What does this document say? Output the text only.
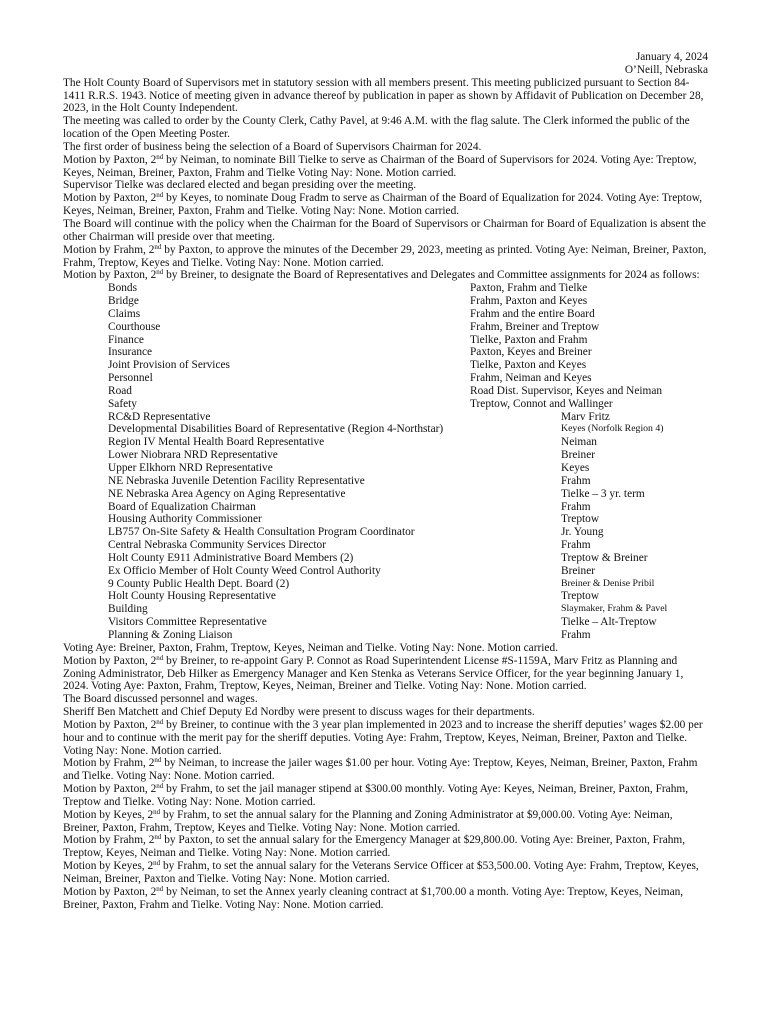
January 4, 2024
O’Neill, Nebraska

The Holt County Board of Supervisors met in statutory session with all members present. This meeting publicized pursuant to Section 84-1411 R.R.S. 1943. Notice of meeting given in advance thereof by publication in paper as shown by Affidavit of Publication on December 28, 2023, in the Holt County Independent.

The meeting was called to order by the County Clerk, Cathy Pavel, at 9:46 A.M. with the flag salute. The Clerk informed the public of the location of the Open Meeting Poster.

The first order of business being the selection of a Board of Supervisors Chairman for 2024.

Motion by Paxton, 2nd by Neiman, to nominate Bill Tielke to serve as Chairman of the Board of Supervisors for 2024. Voting Aye: Treptow, Keyes, Neiman, Breiner, Paxton, Frahm and Tielke Voting Nay: None. Motion carried.

Supervisor Tielke was declared elected and began presiding over the meeting.

Motion by Paxton, 2nd by Keyes, to nominate Doug Fradm to serve as Chairman of the Board of Equalization for 2024. Voting Aye: Treptow, Keyes, Neiman, Breiner, Paxton, Frahm and Tielke. Voting Nay: None. Motion carried.

The Board will continue with the policy when the Chairman for the Board of Supervisors or Chairman for Board of Equalization is absent the other Chairman will preside over that meeting.

Motion by Frahm, 2nd by Paxton, to approve the minutes of the December 29, 2023, meeting as printed. Voting Aye: Neiman, Breiner, Paxton, Frahm, Treptow, Keyes and Tielke. Voting Nay: None. Motion carried.

Motion by Paxton, 2nd by Breiner, to designate the Board of Representatives and Delegates and Committee assignments for 2024 as follows:

Bonds	Paxton, Frahm and Tielke
Bridge	Frahm, Paxton and Keyes
Claims	Frahm and the entire Board
Courthouse	Frahm, Breiner and Treptow
Finance	Tielke, Paxton and Frahm
Insurance	Paxton, Keyes and Breiner
Joint Provision of Services	Tielke, Paxton and Keyes
Personnel	Frahm, Neiman and Keyes
Road	Road Dist. Supervisor, Keyes and Neiman
Safety	Treptow, Connot and Wallinger
RC&D Representative	Marv Fritz
Developmental Disabilities Board of Representative (Region 4-Northstar)	Keyes (Norfolk Region 4)
Region IV Mental Health Board Representative	Neiman
Lower Niobrara NRD Representative	Breiner
Upper Elkhorn NRD Representative	Keyes
NE Nebraska Juvenile Detention Facility Representative	Frahm
NE Nebraska Area Agency on Aging Representative	Tielke – 3 yr. term
Board of Equalization Chairman	Frahm
Housing Authority Commissioner	Treptow
LB757 On-Site Safety & Health Consultation Program Coordinator	Jr. Young
Central Nebraska Community Services Director	Frahm
Holt County E911 Administrative Board Members (2)	Treptow & Breiner
Ex Officio Member of Holt County Weed Control Authority	Breiner
9 County Public Health Dept. Board (2)	Breiner & Denise Pribil
Holt County Housing Representative	Treptow
Building	Slaymaker, Frahm & Pavel
Visitors Committee Representative	Tielke – Alt-Treptow
Planning & Zoning Liaison	Frahm

Voting Aye: Breiner, Paxton, Frahm, Treptow, Keyes, Neiman and Tielke. Voting Nay: None. Motion carried.

Motion by Paxton, 2nd by Breiner, to re-appoint Gary P. Connot as Road Superintendent License #S-1159A, Marv Fritz as Planning and Zoning Administrator, Deb Hilker as Emergency Manager and Ken Stenka as Veterans Service Officer, for the year beginning January 1, 2024. Voting Aye: Paxton, Frahm, Treptow, Keyes, Neiman, Breiner and Tielke. Voting Nay: None. Motion carried.

The Board discussed personnel and wages.

Sheriff Ben Matchett and Chief Deputy Ed Nordby were present to discuss wages for their departments.

Motion by Paxton, 2nd by Breiner, to continue with the 3 year plan implemented in 2023 and to increase the sheriff deputies’ wages $2.00 per hour and to continue with the merit pay for the sheriff deputies. Voting Aye: Frahm, Treptow, Keyes, Neiman, Breiner, Paxton and Tielke. Voting Nay: None. Motion carried.

Motion by Frahm, 2nd by Neiman, to increase the jailer wages $1.00 per hour. Voting Aye: Treptow, Keyes, Neiman, Breiner, Paxton, Frahm and Tielke. Voting Nay: None. Motion carried.

Motion by Paxton, 2nd by Frahm, to set the jail manager stipend at $300.00 monthly. Voting Aye: Keyes, Neiman, Breiner, Paxton, Frahm, Treptow and Tielke. Voting Nay: None. Motion carried.

Motion by Keyes, 2nd by Frahm, to set the annual salary for the Planning and Zoning Administrator at $9,000.00. Voting Aye: Neiman, Breiner, Paxton, Frahm, Treptow, Keyes and Tielke. Voting Nay: None. Motion carried.

Motion by Frahm, 2nd by Paxton, to set the annual salary for the Emergency Manager at $29,800.00. Voting Aye: Breiner, Paxton, Frahm, Treptow, Keyes, Neiman and Tielke. Voting Nay: None. Motion carried.

Motion by Keyes, 2nd by Frahm, to set the annual salary for the Veterans Service Officer at $53,500.00. Voting Aye: Frahm, Treptow, Keyes, Neiman, Breiner, Paxton and Tielke. Voting Nay: None. Motion carried.

Motion by Paxton, 2nd by Neiman, to set the Annex yearly cleaning contract at $1,700.00 a month. Voting Aye: Treptow, Keyes, Neiman, Breiner, Paxton, Frahm and Tielke. Voting Nay: None. Motion carried.
